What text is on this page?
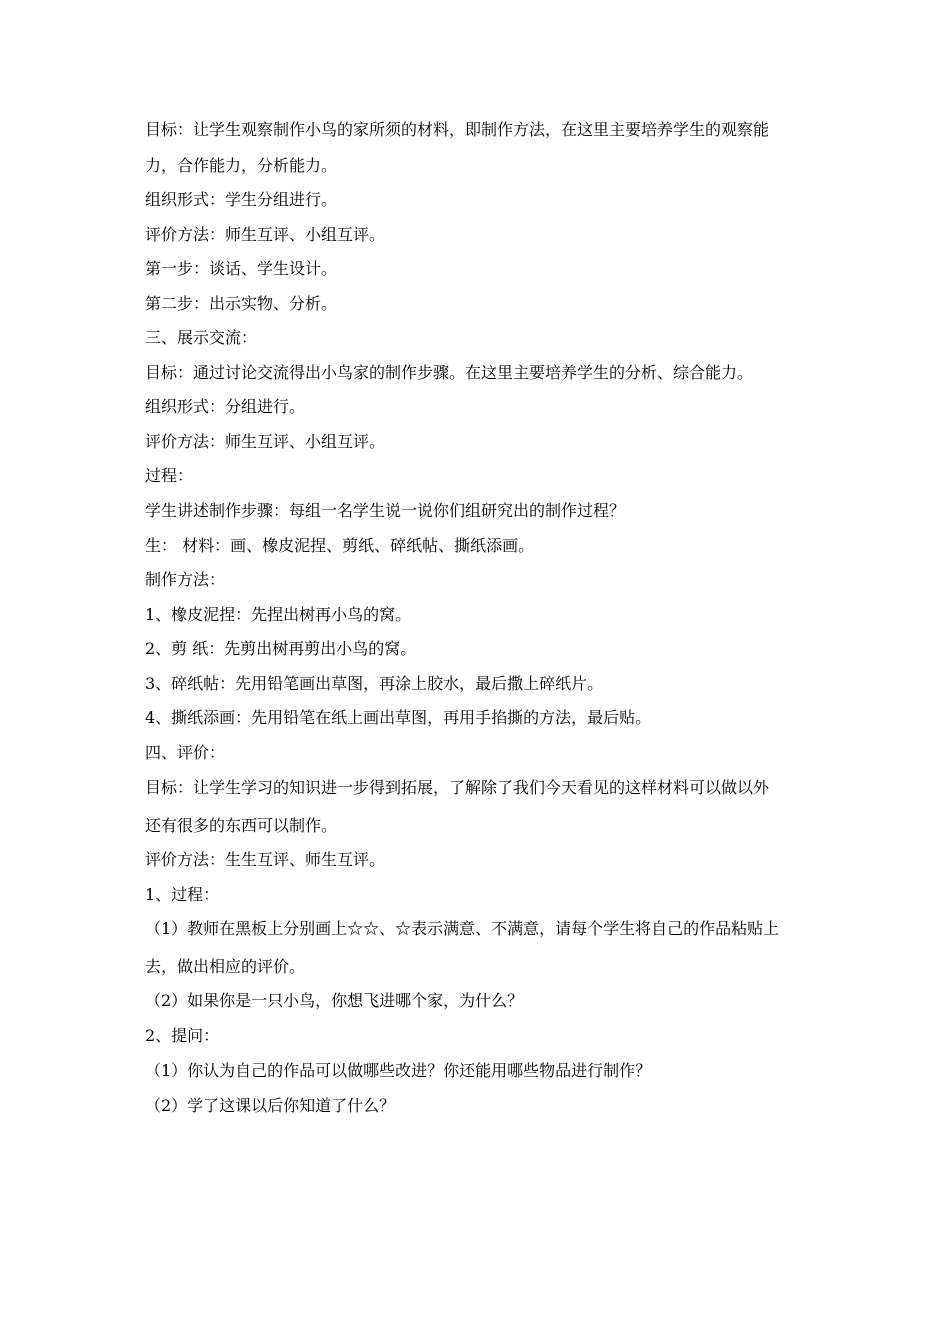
目标：让学生观察制作小鸟的家所须的材料，即制作方法，在这里主要培养学生的观察能
力，合作能力，分析能力。
组织形式：学生分组进行。
评价方法：师生互评、小组互评。
第一步：谈话、学生设计。
第二步：出示实物、分析。
三、展示交流：
目标：通过讨论交流得出小鸟家的制作步骤。在这里主要培养学生的分析、综合能力。
组织形式：分组进行。
评价方法：师生互评、小组互评。
过程：
学生讲述制作步骤：每组一名学生说一说你们组研究出的制作过程？
生： 材料：画、橡皮泥捏、剪纸、碎纸帖、撕纸添画。
制作方法：
1、橡皮泥捏：先捏出树再小鸟的窝。
2、剪 纸：先剪出树再剪出小鸟的窝。
3、碎纸帖：先用铅笔画出草图，再涂上胶水，最后撒上碎纸片。
4、撕纸添画：先用铅笔在纸上画出草图，再用手掐撕的方法，最后贴。
四、评价：
目标：让学生学习的知识进一步得到拓展，了解除了我们今天看见的这样材料可以做以外
还有很多的东西可以制作。
评价方法：生生互评、师生互评。
1、过程：
（1）教师在黑板上分别画上☆☆、☆表示满意、不满意，请每个学生将自己的作品粘贴上
去，做出相应的评价。
（2）如果你是一只小鸟，你想飞进哪个家，为什么？
2、提问：
（1）你认为自己的作品可以做哪些改进？你还能用哪些物品进行制作？
（2）学了这课以后你知道了什么？
